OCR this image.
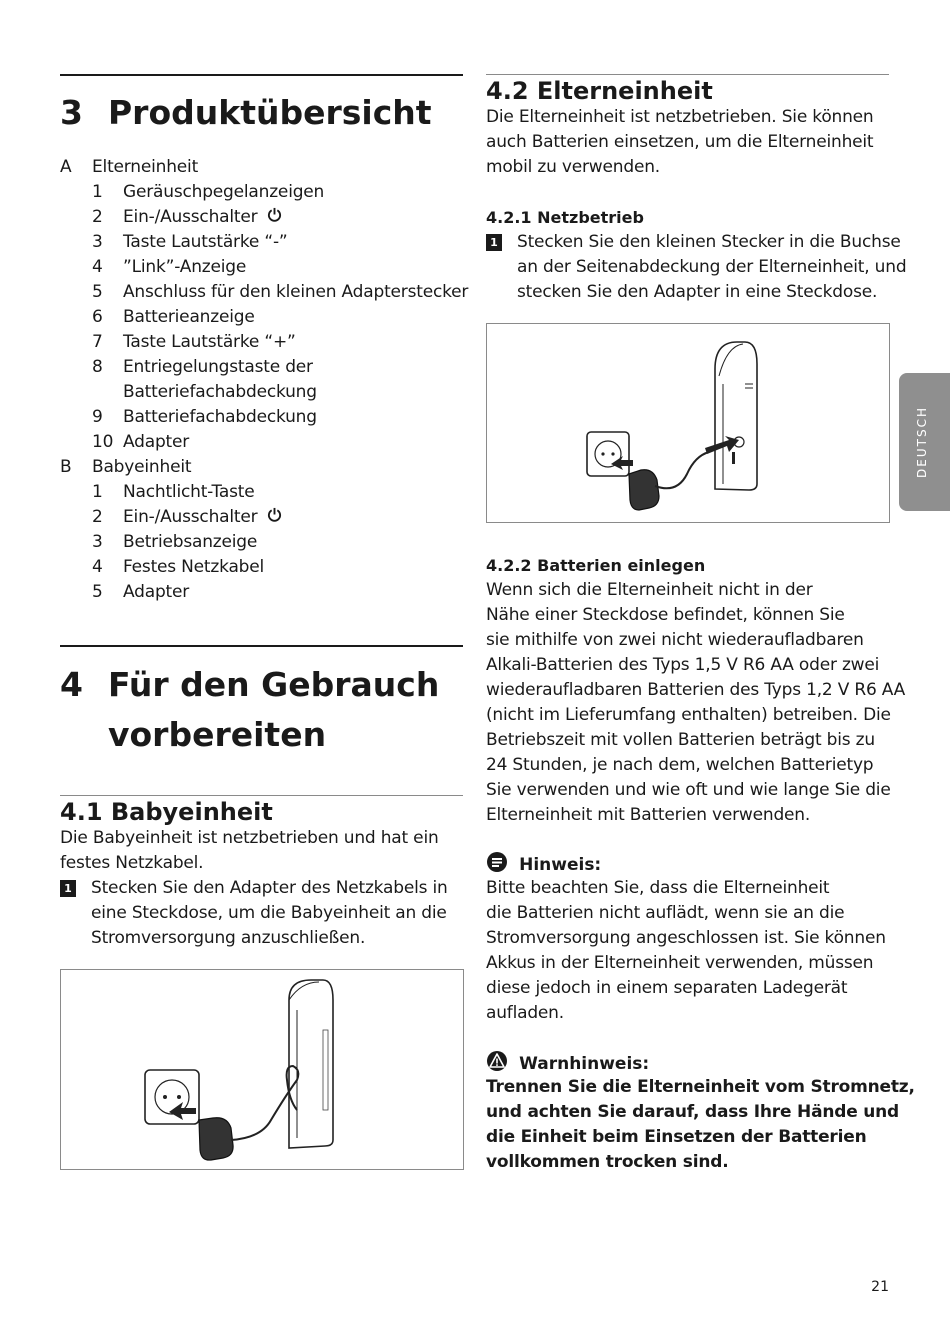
DEUTSCH
3 Produktübersicht
A Elterneinheit
1 Geräuschpegelanzeigen
2 Ein-/Ausschalter
3 Taste Lautstärke “-”
4 ”Link”-Anzeige
5 Anschluss für den kleinen Adapterstecker
6 Batterieanzeige
7 Taste Lautstärke “+”
8 Entriegelungstaste der
Batteriefachabdeckung
9 Batteriefachabdeckung
10 Adapter
B Babyeinheit
1 Nachtlicht-Taste
2 Ein-/Ausschalter
3 Betriebsanzeige
4 Festes Netzkabel
5 Adapter
4 Für den Gebrauch
vorbereiten
4.1 Babyeinheit
Die Babyeinheit ist netzbetrieben und hat ein
festes Netzkabel.
1 Stecken Sie den Adapter des Netzkabels in
eine Steckdose, um die Babyeinheit an die
Stromversorgung anzuschließen.
4.2 Elterneinheit
Die Elterneinheit ist netzbetrieben. Sie können
auch Batterien einsetzen, um die Elterneinheit
mobil zu verwenden.
4.2.1 Netzbetrieb
1 Stecken Sie den kleinen Stecker in die Buchse
an der Seitenabdeckung der Elterneinheit, und
stecken Sie den Adapter in eine Steckdose.
4.2.2 Batterien einlegen
Wenn sich die Elterneinheit nicht in der
Nähe einer Steckdose befindet, können Sie
sie mithilfe von zwei nicht wiederaufladbaren
Alkali-Batterien des Typs 1,5 V R6 AA oder zwei
wiederaufladbaren Batterien des Typs 1,2 V R6 AA
(nicht im Lieferumfang enthalten) betreiben. Die
Betriebszeit mit vollen Batterien beträgt bis zu
24 Stunden, je nach dem, welchen Batterietyp
Sie verwenden und wie oft und wie lange Sie die
Elterneinheit mit Batterien verwenden.
Hinweis:
Bitte beachten Sie, dass die Elterneinheit
die Batterien nicht auflädt, wenn sie an die
Stromversorgung angeschlossen ist. Sie können
Akkus in der Elterneinheit verwenden, müssen
diese jedoch in einem separaten Ladegerät
aufladen.
Warnhinweis:
Trennen Sie die Elterneinheit vom Stromnetz,
und achten Sie darauf, dass Ihre Hände und
die Einheit beim Einsetzen der Batterien
vollkommen trocken sind.
21
